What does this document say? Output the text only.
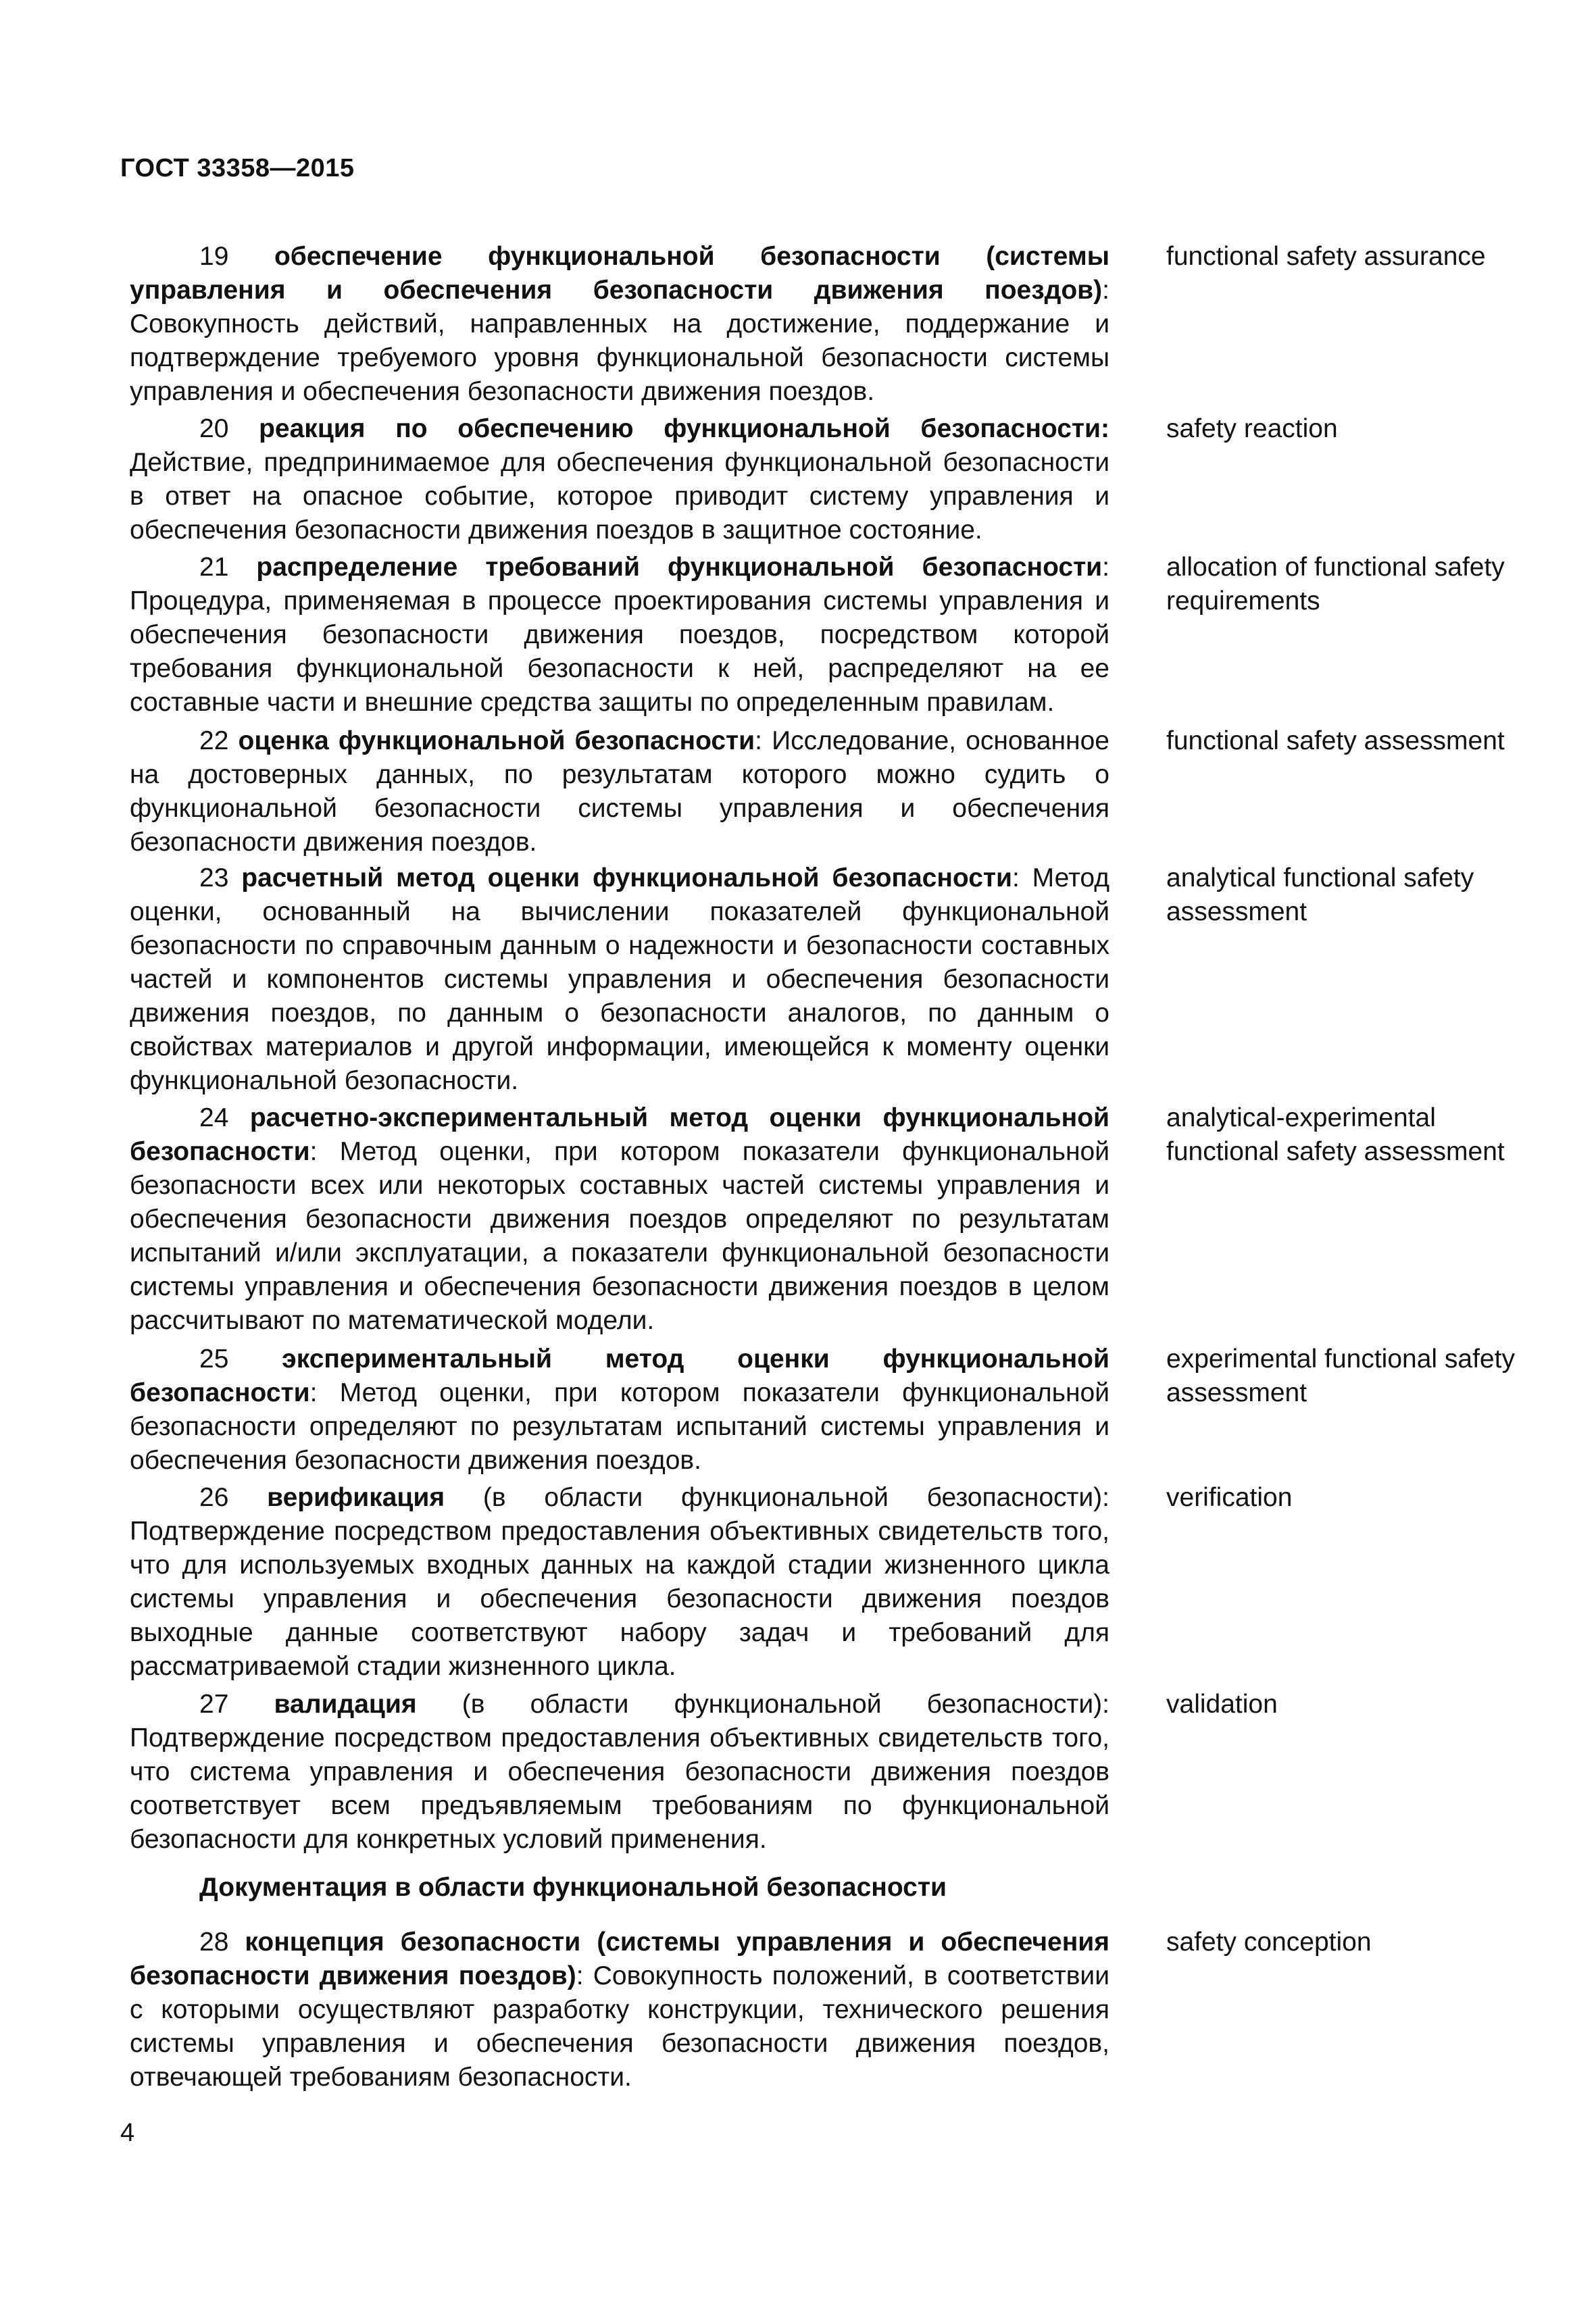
ГОСТ 33358—2015
19 обеспечение функциональной безопасности (системы управления и обеспечения безопасности движения поездов): Совокупность действий, направленных на достижение, поддержание и подтверждение требуемого уровня функциональной безопасности системы управления и обеспечения безопасности движения поездов.
functional safety assurance
20 реакция по обеспечению функциональной безопасности: Действие, предпринимаемое для обеспечения функциональной безопасности в ответ на опасное событие, которое приводит систему управления и обеспечения безопасности движения поездов в защитное состояние.
safety reaction
21 распределение требований функциональной безопасности: Процедура, применяемая в процессе проектирования системы управления и обеспечения безопасности движения поездов, посредством которой требования функциональной безопасности к ней, распределяют на ее составные части и внешние средства защиты по определенным правилам.
allocation of functional safety requirements
22 оценка функциональной безопасности: Исследование, основанное на достоверных данных, по результатам которого можно судить о функциональной безопасности системы управления и обеспечения безопасности движения поездов.
functional safety assessment
23 расчетный метод оценки функциональной безопасности: Метод оценки, основанный на вычислении показателей функциональной безопасности по справочным данным о надежности и безопасности составных частей и компонентов системы управления и обеспечения безопасности движения поездов, по данным о безопасности аналогов, по данным о свойствах материалов и другой информации, имеющейся к моменту оценки функциональной безопасности.
analytical functional safety assessment
24 расчетно-экспериментальный метод оценки функциональной безопасности: Метод оценки, при котором показатели функциональной безопасности всех или некоторых составных частей системы управления и обеспечения безопасности движения поездов определяют по результатам испытаний и/или эксплуатации, а показатели функциональной безопасности системы управления и обеспечения безопасности движения поездов в целом рассчитывают по математической модели.
analytical-experimental functional safety assessment
25 экспериментальный метод оценки функциональной безопасности: Метод оценки, при котором показатели функциональной безопасности определяют по результатам испытаний системы управления и обеспечения безопасности движения поездов.
experimental functional safety assessment
26 верификация (в области функциональной безопасности): Подтверждение посредством предоставления объективных свидетельств того, что для используемых входных данных на каждой стадии жизненного цикла системы управления и обеспечения безопасности движения поездов выходные данные соответствуют набору задач и требований для рассматриваемой стадии жизненного цикла.
verification
27 валидация (в области функциональной безопасности): Подтверждение посредством предоставления объективных свидетельств того, что система управления и обеспечения безопасности движения поездов соответствует всем предъявляемым требованиям по функциональной безопасности для конкретных условий применения.
validation
Документация в области функциональной безопасности
28 концепция безопасности (системы управления и обеспечения безопасности движения поездов): Совокупность положений, в соответствии с которыми осуществляют разработку конструкции, технического решения системы управления и обеспечения безопасности движения поездов, отвечающей требованиям безопасности.
safety conception
4
